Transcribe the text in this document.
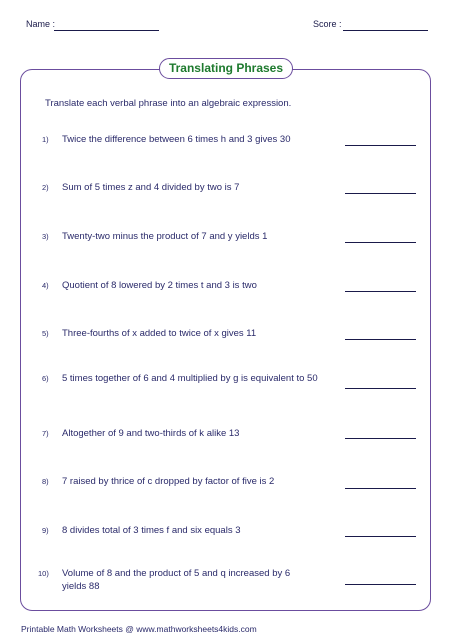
Name :	Score :
Translating Phrases
Translate each verbal phrase into an algebraic expression.
1) Twice the difference between 6 times h and 3 gives 30
2) Sum of 5 times z and 4 divided by two is 7
3) Twenty-two minus the product of 7 and y yields 1
4) Quotient of 8 lowered by 2 times t and 3 is two
5) Three-fourths of x added to twice of x gives 11
6) 5 times together of 6 and 4 multiplied by g is equivalent to 50
7) Altogether of 9 and two-thirds of k alike 13
8) 7 raised by thrice of c dropped by factor of five is 2
9) 8 divides total of 3 times f and six equals 3
10) Volume of 8 and the product of 5 and q increased by 6 yields 88
Printable Math Worksheets @ www.mathworksheets4kids.com
